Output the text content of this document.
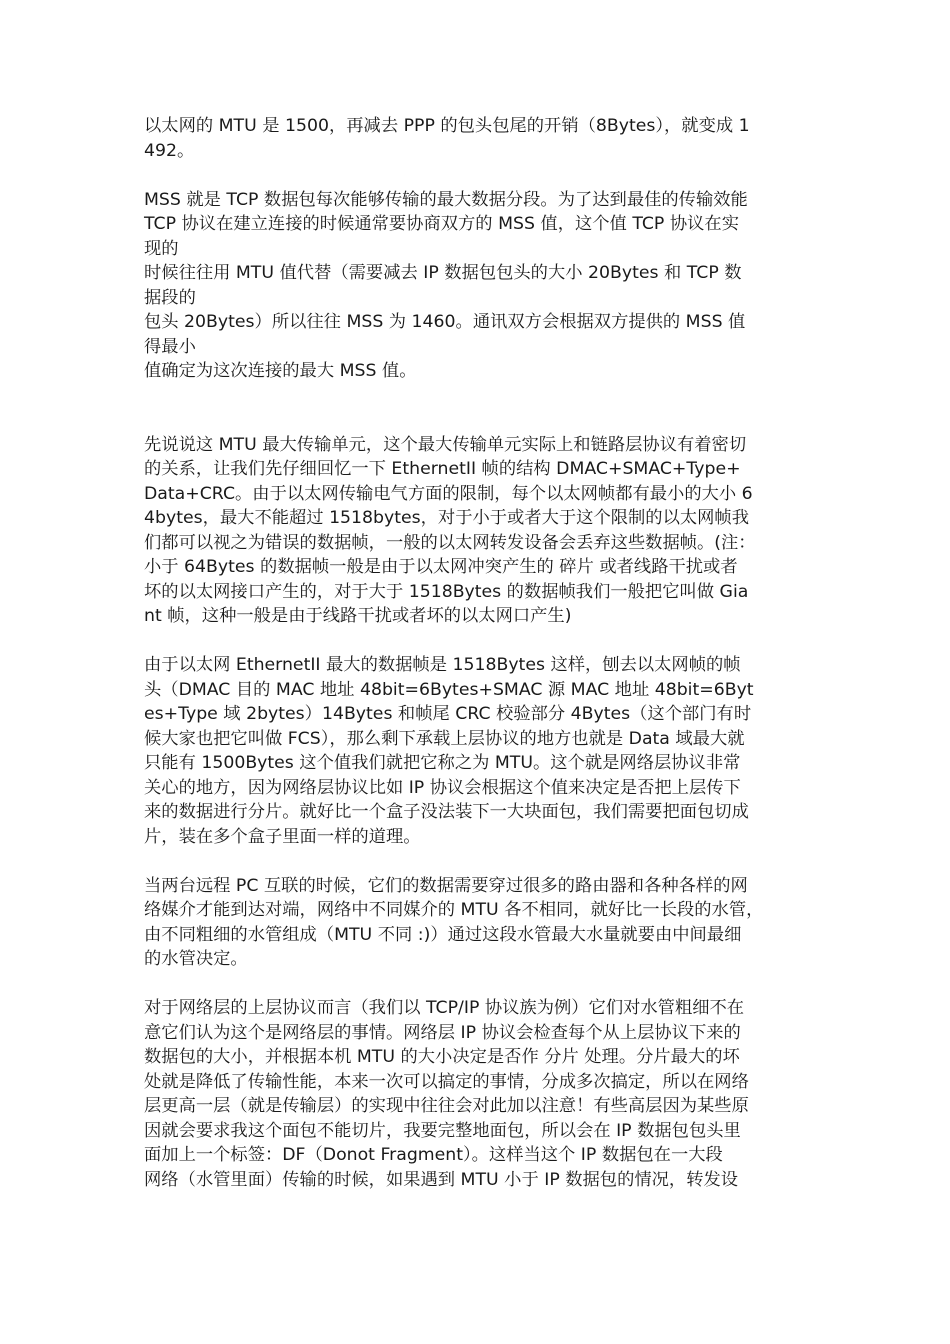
以太网的 MTU 是 1500，再减去 PPP 的包头包尾的开销（8Bytes），就变成 1
492。
MSS 就是 TCP 数据包每次能够传输的最大数据分段。为了达到最佳的传输效能
TCP 协议在建立连接的时候通常要协商双方的 MSS 值，这个值 TCP 协议在实
现的
时候往往用 MTU 值代替（需要减去 IP 数据包包头的大小 20Bytes 和 TCP 数
据段的
包头 20Bytes）所以往往 MSS 为 1460。通讯双方会根据双方提供的 MSS 值
得最小
值确定为这次连接的最大 MSS 值。
先说说这 MTU 最大传输单元，这个最大传输单元实际上和链路层协议有着密切
的关系，让我们先仔细回忆一下 EthernetII 帧的结构 DMAC+SMAC+Type+
Data+CRC。由于以太网传输电气方面的限制，每个以太网帧都有最小的大小 6
4bytes，最大不能超过 1518bytes，对于小于或者大于这个限制的以太网帧我
们都可以视之为错误的数据帧，一般的以太网转发设备会丢弃这些数据帧。(注：
小于 64Bytes 的数据帧一般是由于以太网冲突产生的 碎片 或者线路干扰或者
坏的以太网接口产生的，对于大于 1518Bytes 的数据帧我们一般把它叫做 Gia
nt 帧，这种一般是由于线路干扰或者坏的以太网口产生)
由于以太网 EthernetII 最大的数据帧是 1518Bytes 这样，刨去以太网帧的帧
头（DMAC 目的 MAC 地址 48bit=6Bytes+SMAC 源 MAC 地址 48bit=6Byt
es+Type 域 2bytes）14Bytes 和帧尾 CRC 校验部分 4Bytes（这个部门有时
候大家也把它叫做 FCS），那么剩下承载上层协议的地方也就是 Data 域最大就
只能有 1500Bytes 这个值我们就把它称之为 MTU。这个就是网络层协议非常
关心的地方，因为网络层协议比如 IP 协议会根据这个值来决定是否把上层传下
来的数据进行分片。就好比一个盒子没法装下一大块面包，我们需要把面包切成
片，装在多个盒子里面一样的道理。
当两台远程 PC 互联的时候，它们的数据需要穿过很多的路由器和各种各样的网
络媒介才能到达对端，网络中不同媒介的 MTU 各不相同，就好比一长段的水管，
由不同粗细的水管组成（MTU 不同 :)）通过这段水管最大水量就要由中间最细
的水管决定。
对于网络层的上层协议而言（我们以 TCP/IP 协议族为例）它们对水管粗细不在
意它们认为这个是网络层的事情。网络层 IP 协议会检查每个从上层协议下来的
数据包的大小，并根据本机 MTU 的大小决定是否作 分片 处理。分片最大的坏
处就是降低了传输性能，本来一次可以搞定的事情，分成多次搞定，所以在网络
层更高一层（就是传输层）的实现中往往会对此加以注意！有些高层因为某些原
因就会要求我这个面包不能切片，我要完整地面包，所以会在 IP 数据包包头里
面加上一个标签：DF（Donot Fragment）。这样当这个 IP 数据包在一大段
网络（水管里面）传输的时候，如果遇到 MTU 小于 IP 数据包的情况，转发设
